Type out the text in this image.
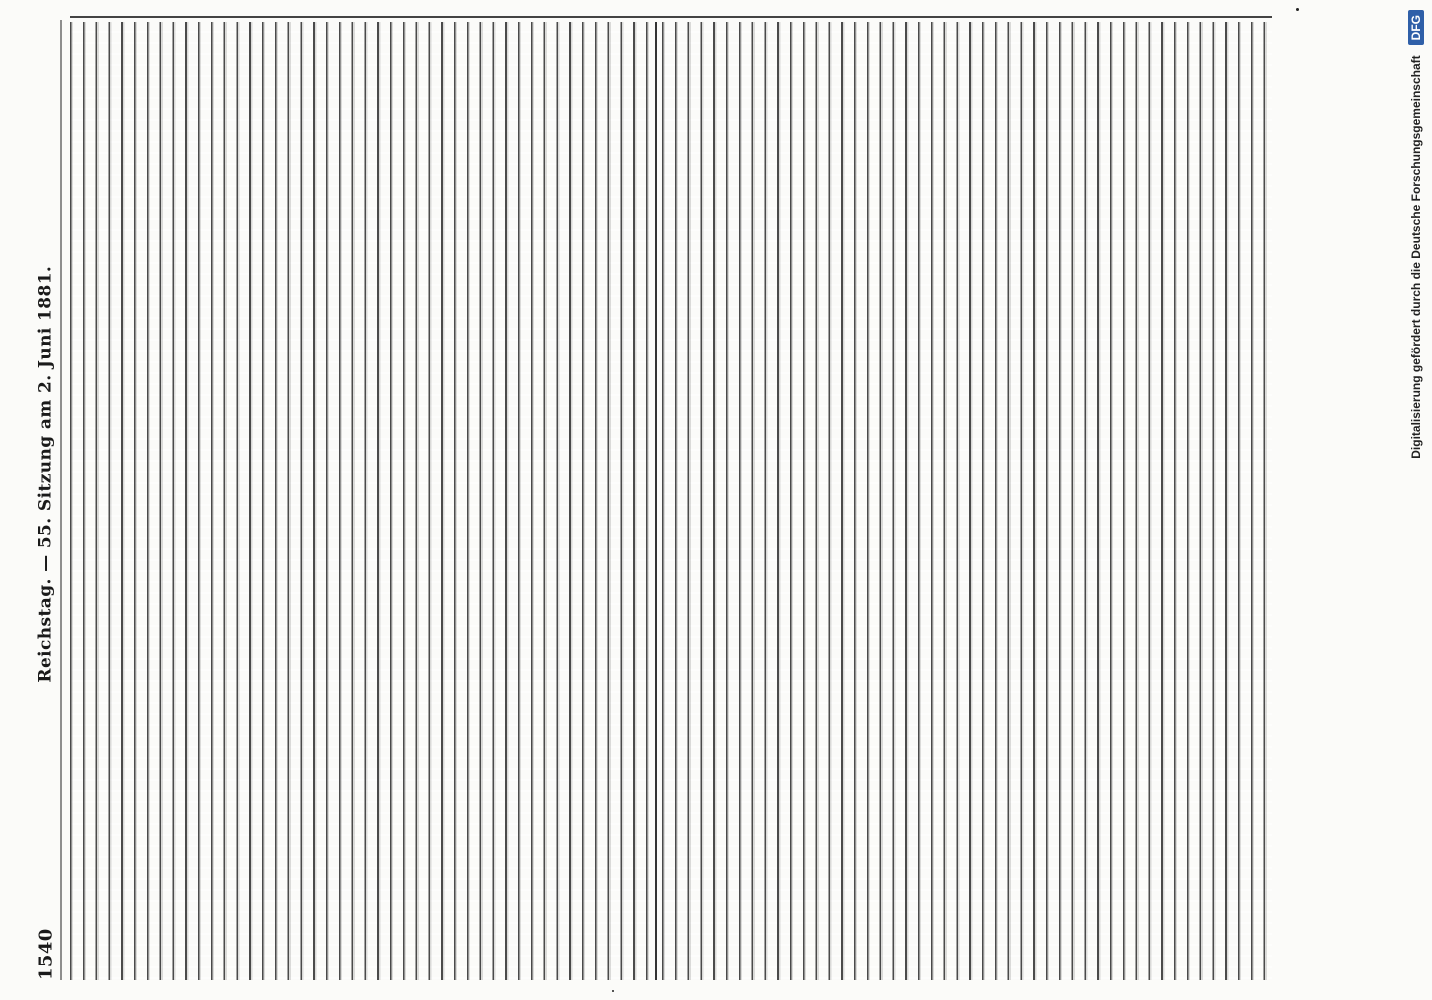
1540
Reichstag. — 55. Sitzung am 2. Juni 1881.
Digitalisierung gefördert durch die Deutsche Forschungsgemeinschaft
DFG
